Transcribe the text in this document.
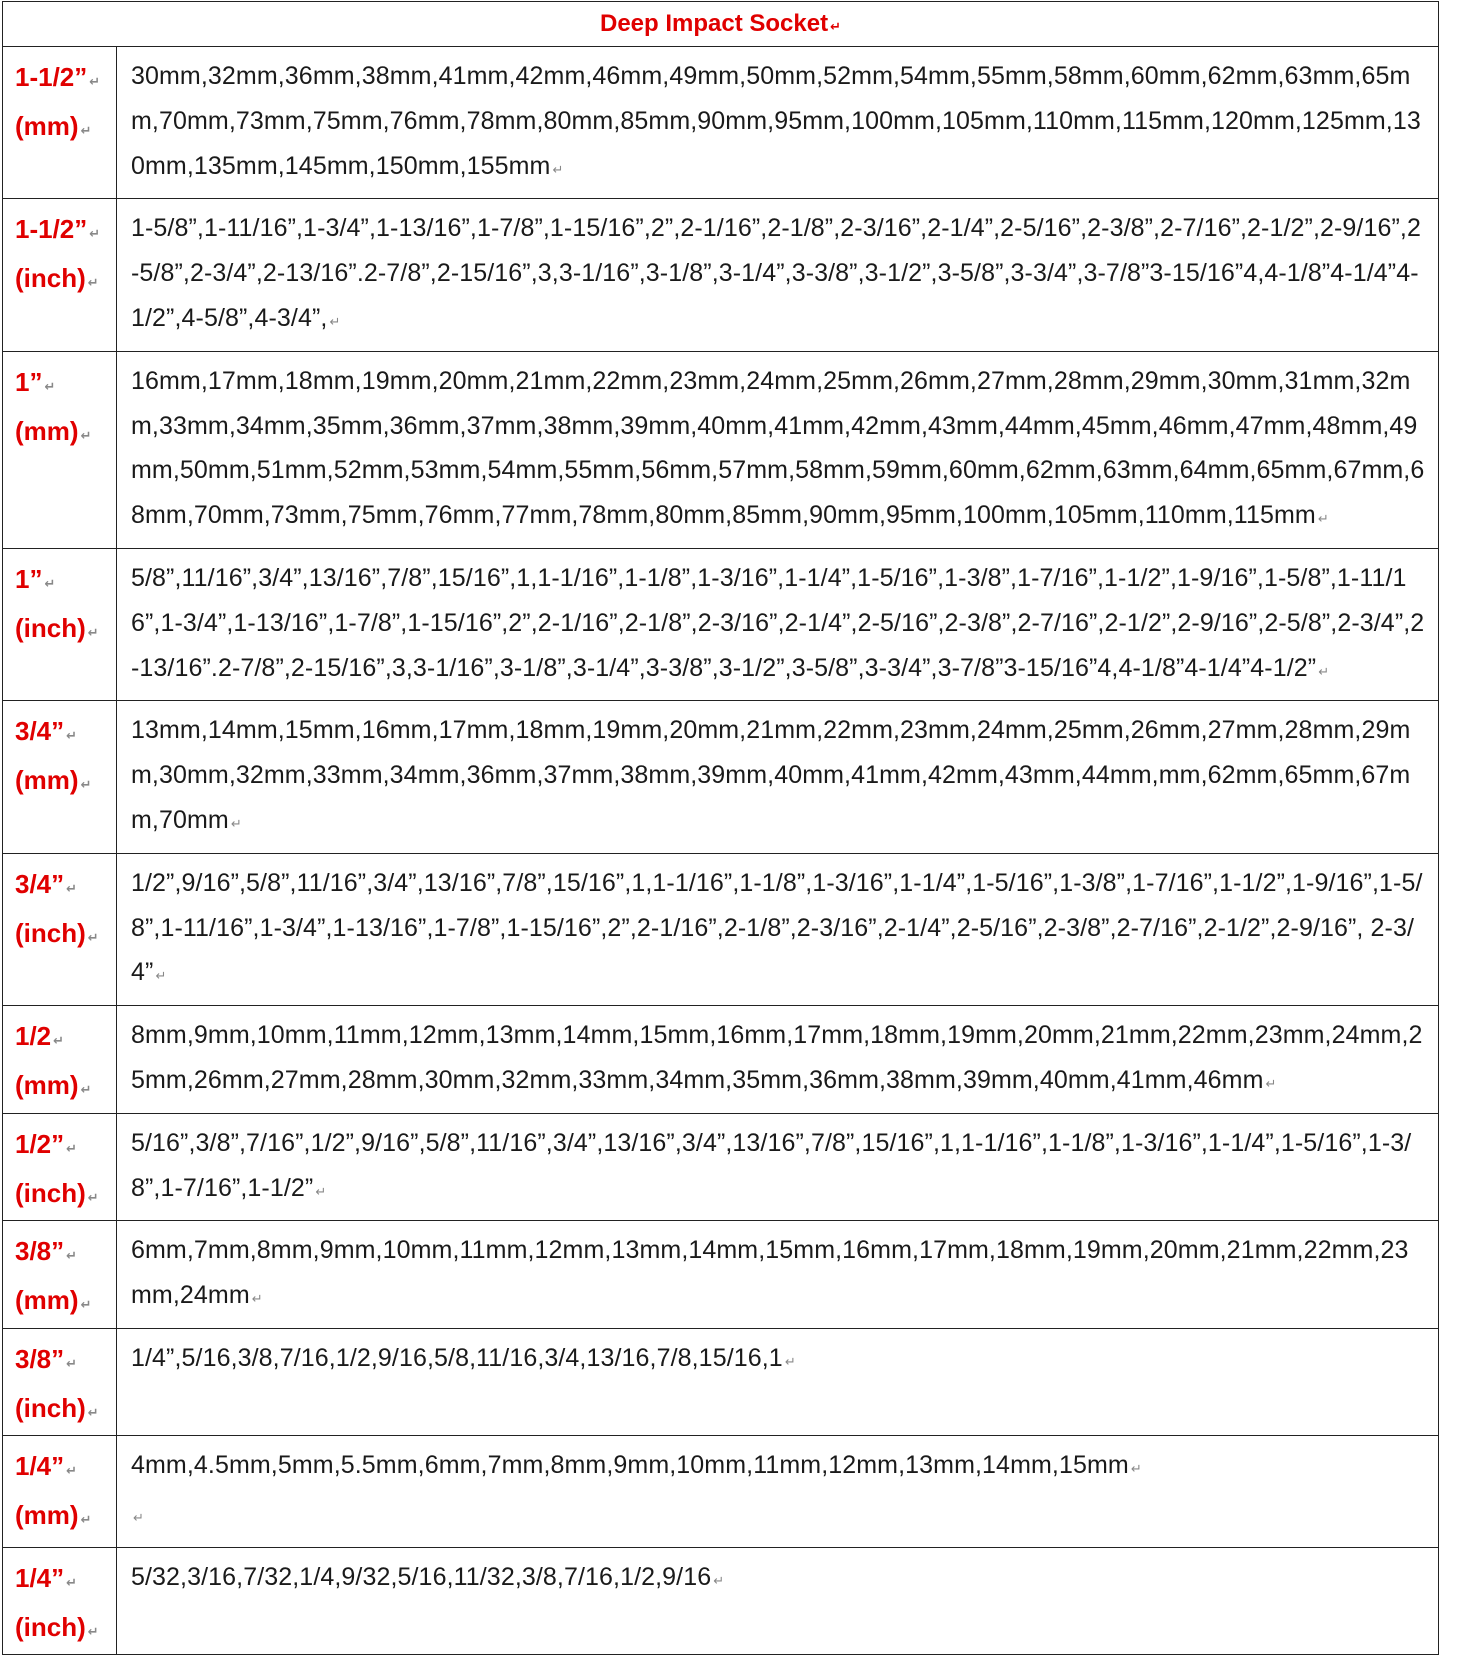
Deep Impact Socket ↵	

1-1/2” ↵
(mm) ↵	30mm,32mm,36mm,38mm,41mm,42mm,46mm,49mm,50mm,52mm,54mm,55mm,58mm,60mm,62mm,63mm,65mm,70mm,73mm,75mm,76mm,78mm,80mm,85mm,90mm,95mm,100mm,105mm,110mm,115mm,120mm,125mm,130mm,135mm,145mm,150mm,155mm ↵

1-1/2” ↵
(inch) ↵	1-5/8”,1-11/16”,1-3/4”,1-13/16”,1-7/8”,1-15/16”,2”,2-1/16”,2-1/8”,2-3/16”,2-1/4”,2-5/16”,2-3/8”,2-7/16”,2-1/2”,2-9/16”,2-5/8”,2-3/4”,2-13/16”.2-7/8”,2-15/16”,3,3-1/16”,3-1/8”,3-1/4”,3-3/8”,3-1/2”,3-5/8”,3-3/4”,3-7/8”3-15/16”4,4-1/8”4-1/4”4-1/2”,4-5/8”,4-3/4”, ↵

1” ↵
(mm) ↵	16mm,17mm,18mm,19mm,20mm,21mm,22mm,23mm,24mm,25mm,26mm,27mm,28mm,29mm,30mm,31mm,32mm,33mm,34mm,35mm,36mm,37mm,38mm,39mm,40mm,41mm,42mm,43mm,44mm,45mm,46mm,47mm,48mm,49mm,50mm,51mm,52mm,53mm,54mm,55mm,56mm,57mm,58mm,59mm,60mm,62mm,63mm,64mm,65mm,67mm,68mm,70mm,73mm,75mm,76mm,77mm,78mm,80mm,85mm,90mm,95mm,100mm,105mm,110mm,115mm ↵

1” ↵
(inch) ↵	5/8”,11/16”,3/4”,13/16”,7/8”,15/16”,1,1-1/16”,1-1/8”,1-3/16”,1-1/4”,1-5/16”,1-3/8”,1-7/16”,1-1/2”,1-9/16”,1-5/8”,1-11/16”,1-3/4”,1-13/16”,1-7/8”,1-15/16”,2”,2-1/16”,2-1/8”,2-3/16”,2-1/4”,2-5/16”,2-3/8”,2-7/16”,2-1/2”,2-9/16”,2-5/8”,2-3/4”,2-13/16”.2-7/8”,2-15/16”,3,3-1/16”,3-1/8”,3-1/4”,3-3/8”,3-1/2”,3-5/8”,3-3/4”,3-7/8”3-15/16”4,4-1/8”4-1/4”4-1/2” ↵

3/4” ↵
(mm) ↵	13mm,14mm,15mm,16mm,17mm,18mm,19mm,20mm,21mm,22mm,23mm,24mm,25mm,26mm,27mm,28mm,29mm,30mm,32mm,33mm,34mm,36mm,37mm,38mm,39mm,40mm,41mm,42mm,43mm,44mm,mm,62mm,65mm,67mm,70mm ↵

3/4” ↵
(inch) ↵	1/2”,9/16”,5/8”,11/16”,3/4”,13/16”,7/8”,15/16”,1,1-1/16”,1-1/8”,1-3/16”,1-1/4”,1-5/16”,1-3/8”,1-7/16”,1-1/2”,1-9/16”,1-5/8”,1-11/16”,1-3/4”,1-13/16”,1-7/8”,1-15/16”,2”,2-1/16”,2-1/8”,2-3/16”,2-1/4”,2-5/16”,2-3/8”,2-7/16”,2-1/2”,2-9/16”, 2-3/4” ↵

1/2 ↵
(mm) ↵	8mm,9mm,10mm,11mm,12mm,13mm,14mm,15mm,16mm,17mm,18mm,19mm,20mm,21mm,22mm,23mm,24mm,25mm,26mm,27mm,28mm,30mm,32mm,33mm,34mm,35mm,36mm,38mm,39mm,40mm,41mm,46mm ↵

1/2” ↵
(inch) ↵	5/16”,3/8”,7/16”,1/2”,9/16”,5/8”,11/16”,3/4”,13/16”,3/4”,13/16”,7/8”,15/16”,1,1-1/16”,1-1/8”,1-3/16”,1-1/4”,1-5/16”,1-3/8”,1-7/16”,1-1/2” ↵

3/8” ↵
(mm) ↵	6mm,7mm,8mm,9mm,10mm,11mm,12mm,13mm,14mm,15mm,16mm,17mm,18mm,19mm,20mm,21mm,22mm,23mm,24mm ↵

3/8” ↵
(inch) ↵	1/4”,5/16,3/8,7/16,1/2,9/16,5/8,11/16,3/4,13/16,7/8,15/16,1 ↵

1/4” ↵
(mm) ↵	4mm,4.5mm,5mm,5.5mm,6mm,7mm,8mm,9mm,10mm,11mm,12mm,13mm,14mm,15mm ↵
↵

1/4” ↵
(inch) ↵	5/32,3/16,7/32,1/4,9/32,5/16,11/32,3/8,7/16,1/2,9/16 ↵
